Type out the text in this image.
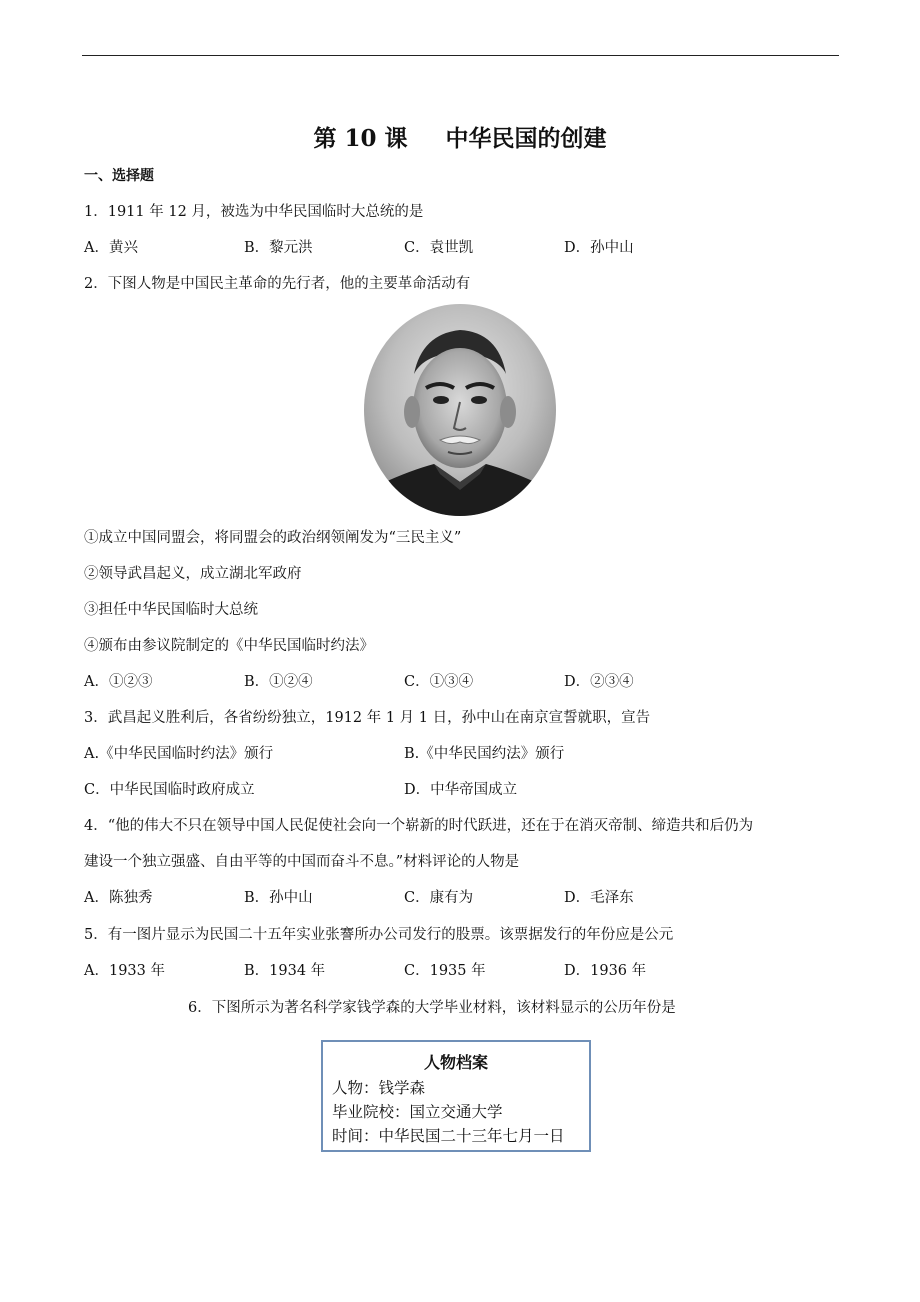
第 10 课 中华民国的创建
一、选择题
1．1911 年 12 月，被选为中华民国临时大总统的是
A．黄兴	B．黎元洪	C．袁世凯	D．孙中山
2．下图人物是中国民主革命的先行者，他的主要革命活动有
①成立中国同盟会，将同盟会的政治纲领阐发为“三民主义”
②领导武昌起义，成立湖北军政府
③担任中华民国临时大总统
④颁布由参议院制定的《中华民国临时约法》
A．①②③	B．①②④	C．①③④	D．②③④
3．武昌起义胜利后，各省纷纷独立，1912 年 1 月 1 日，孙中山在南京宣誓就职，宣告
A.《中华民国临时约法》颁行	B.《中华民国约法》颁行
C．中华民国临时政府成立	D．中华帝国成立
4．“他的伟大不只在领导中国人民促使社会向一个崭新的时代跃进，还在于在消灭帝制、缔造共和后仍为
建设一个独立强盛、自由平等的中国而奋斗不息。”材料评论的人物是
A．陈独秀	B．孙中山	C．康有为	D．毛泽东
5．有一图片显示为民国二十五年实业张謇所办公司发行的股票。该票据发行的年份应是公元
A．1933 年	B．1934 年	C．1935 年	D．1936 年
6．下图所示为著名科学家钱学森的大学毕业材料，该材料显示的公历年份是
人物档案
人物：钱学森
毕业院校：国立交通大学
时间：中华民国二十三年七月一日
